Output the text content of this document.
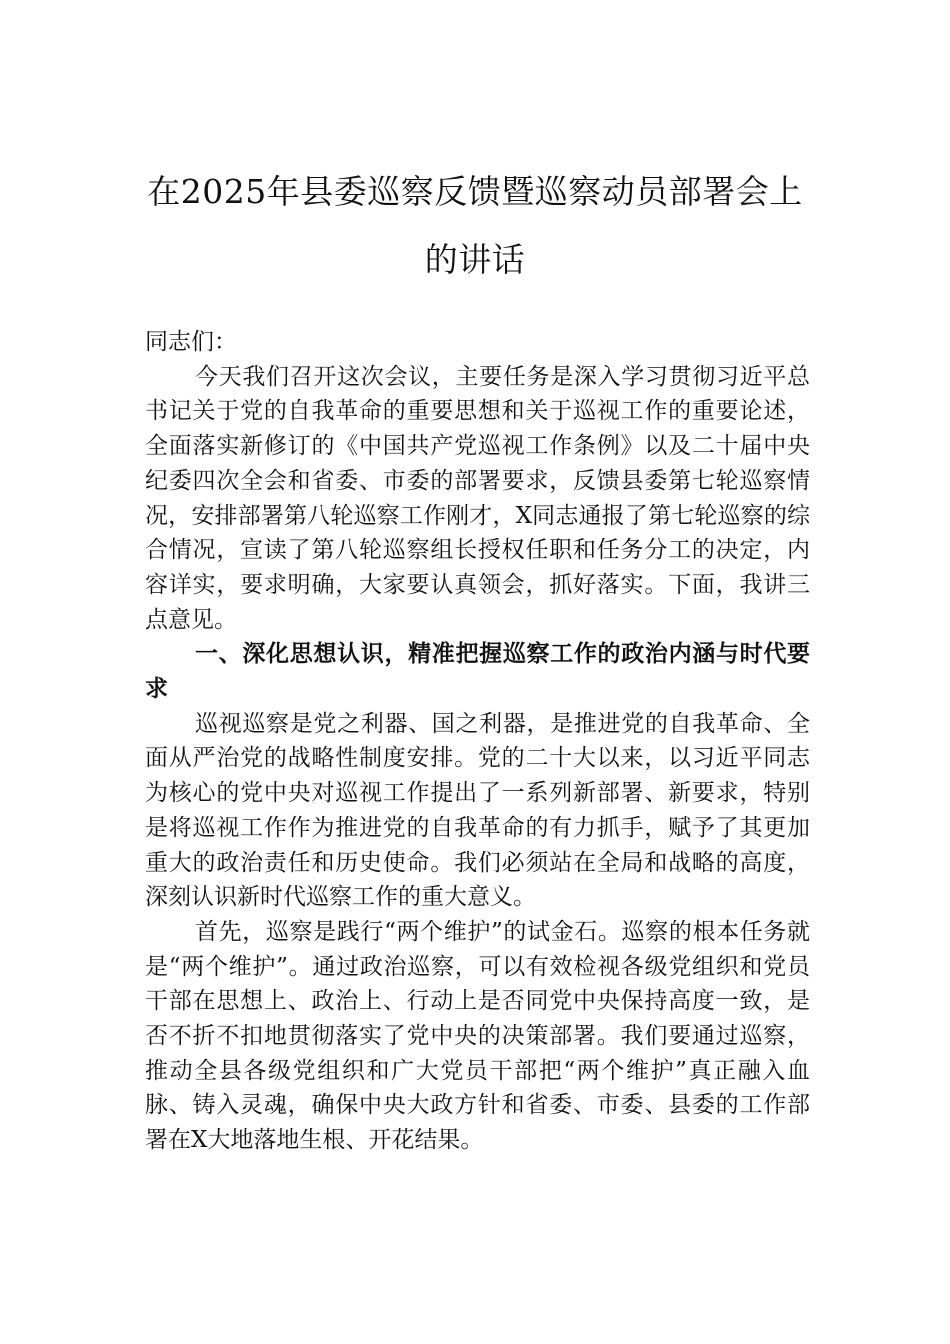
在2025年县委巡察反馈暨巡察动员部署会上的讲话

同志们：

今天我们召开这次会议，主要任务是深入学习贯彻习近平总书记关于党的自我革命的重要思想和关于巡视工作的重要论述，全面落实新修订的《中国共产党巡视工作条例》以及二十届中央纪委四次全会和省委、市委的部署要求，反馈县委第七轮巡察情况，安排部署第八轮巡察工作刚才，X同志通报了第七轮巡察的综合情况，宣读了第八轮巡察组长授权任职和任务分工的决定，内容详实，要求明确，大家要认真领会，抓好落实。下面，我讲三点意见。

一、深化思想认识，精准把握巡察工作的政治内涵与时代要求

巡视巡察是党之利器、国之利器，是推进党的自我革命、全面从严治党的战略性制度安排。党的二十大以来，以习近平同志为核心的党中央对巡视工作提出了一系列新部署、新要求，特别是将巡视工作作为推进党的自我革命的有力抓手，赋予了其更加重大的政治责任和历史使命。我们必须站在全局和战略的高度，深刻认识新时代巡察工作的重大意义。

首先，巡察是践行“两个维护”的试金石。巡察的根本任务就是“两个维护”。通过政治巡察，可以有效检视各级党组织和党员干部在思想上、政治上、行动上是否同党中央保持高度一致，是否不折不扣地贯彻落实了党中央的决策部署。我们要通过巡察，推动全县各级党组织和广大党员干部把“两个维护”真正融入血脉、铸入灵魂，确保中央大政方针和省委、市委、县委的工作部署在X大地落地生根、开花结果。
